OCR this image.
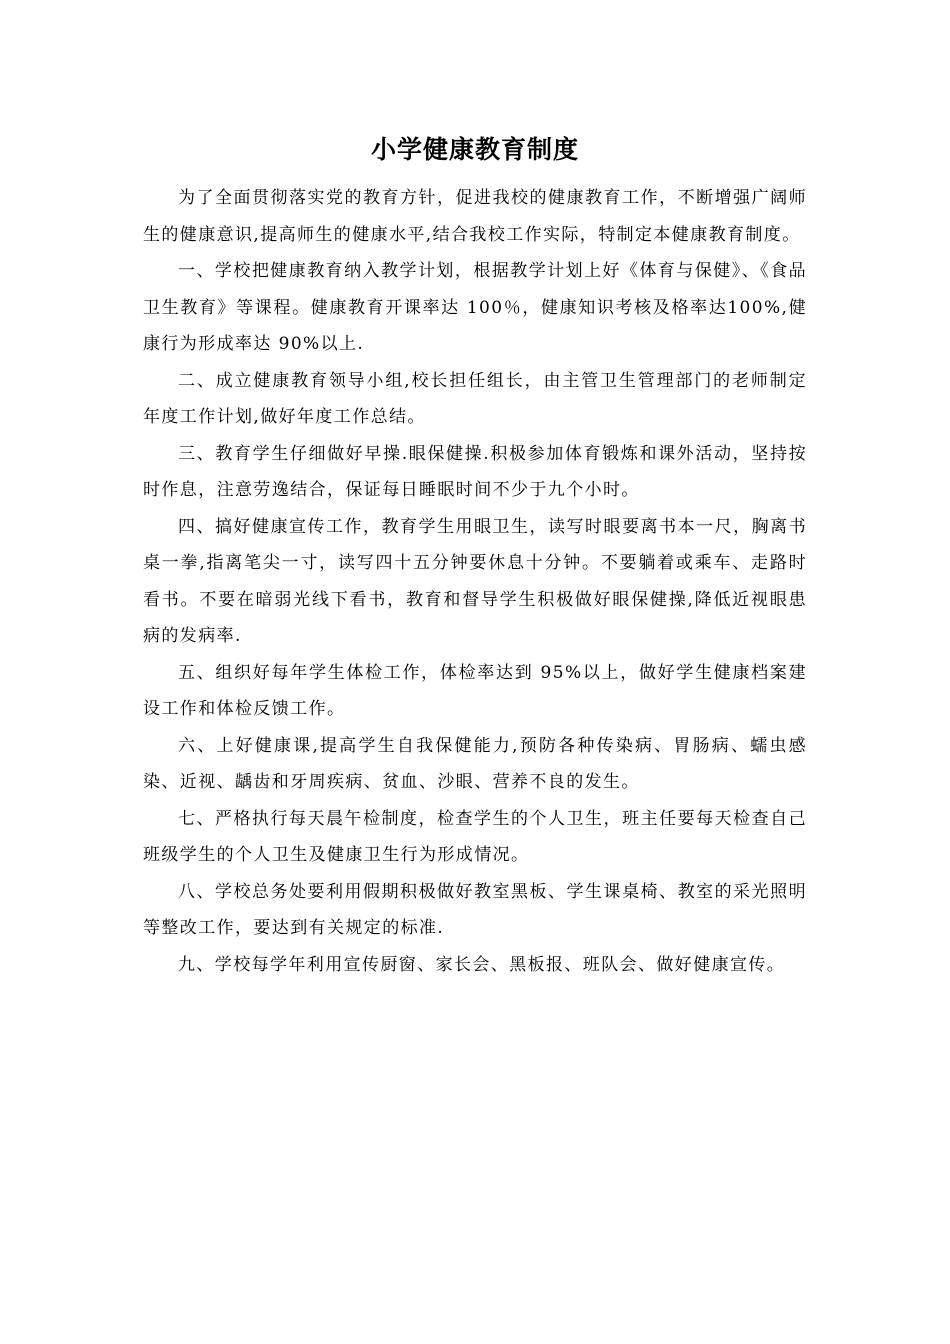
小学健康教育制度

为了全面贯彻落实党的教育方针，促进我校的健康教育工作，不断增强广阔师生的健康意识,提高师生的健康水平,结合我校工作实际，特制定本健康教育制度。

一、学校把健康教育纳入教学计划，根据教学计划上好《体育与保健》、《食品卫生教育》等课程。健康教育开课率达 100％，健康知识考核及格率达100%,健康行为形成率达 90%以上.

二、成立健康教育领导小组,校长担任组长，由主管卫生管理部门的老师制定年度工作计划,做好年度工作总结。

三、教育学生仔细做好早操.眼保健操.积极参加体育锻炼和课外活动，坚持按时作息，注意劳逸结合，保证每日睡眠时间不少于九个小时。

四、搞好健康宣传工作，教育学生用眼卫生，读写时眼要离书本一尺，胸离书桌一拳,指离笔尖一寸，读写四十五分钟要休息十分钟。不要躺着或乘车、走路时看书。不要在暗弱光线下看书，教育和督导学生积极做好眼保健操,降低近视眼患病的发病率.

五、组织好每年学生体检工作，体检率达到 95%以上，做好学生健康档案建设工作和体检反馈工作。

六、上好健康课,提高学生自我保健能力,预防各种传染病、胃肠病、蠕虫感染、近视、龋齿和牙周疾病、贫血、沙眼、营养不良的发生。

七、严格执行每天晨午检制度，检查学生的个人卫生，班主任要每天检查自己班级学生的个人卫生及健康卫生行为形成情况。

八、学校总务处要利用假期积极做好教室黑板、学生课桌椅、教室的采光照明等整改工作，要达到有关规定的标准.

九、学校每学年利用宣传厨窗、家长会、黑板报、班队会、做好健康宣传。
